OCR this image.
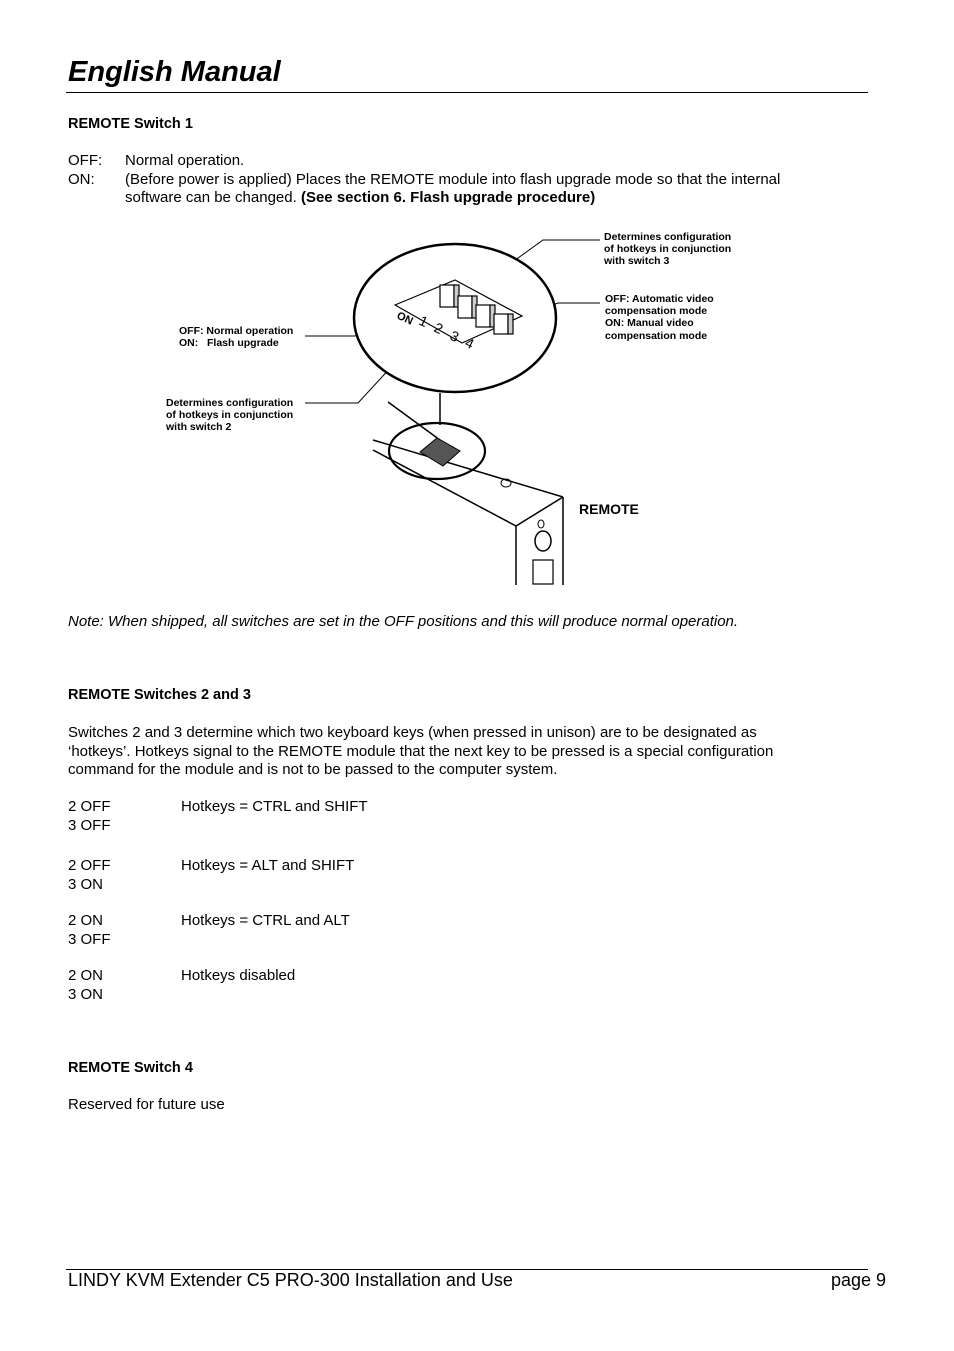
English Manual
REMOTE Switch 1
OFF: Normal operation.
ON: (Before power is applied) Places the REMOTE module into flash upgrade mode so that the internal
software can be changed. (See section 6. Flash upgrade procedure)
ON 1 2 3 4
Determines configuration
of hotkeys in conjunction
with switch 3
OFF: Automatic video
compensation mode
ON: Manual video
compensation mode
OFF: Normal operation
ON:   Flash upgrade
Determines configuration
of hotkeys in conjunction
with switch 2
REMOTE
Note: When shipped, all switches are set in the OFF positions and this will produce normal operation.
REMOTE Switches 2 and 3
Switches 2 and 3 determine which two keyboard keys (when pressed in unison) are to be designated as
‘hotkeys’. Hotkeys signal to the REMOTE module that the next key to be pressed is a special configuration
command for the module and is not to be passed to the computer system.
2 OFF
3 OFF
Hotkeys = CTRL and SHIFT
2 OFF
3 ON
Hotkeys = ALT and SHIFT
2 ON
3 OFF
Hotkeys = CTRL and ALT
2 ON
3 ON
Hotkeys disabled
REMOTE Switch 4
Reserved for future use
LINDY KVM Extender C5 PRO-300 Installation and Use	page 9
